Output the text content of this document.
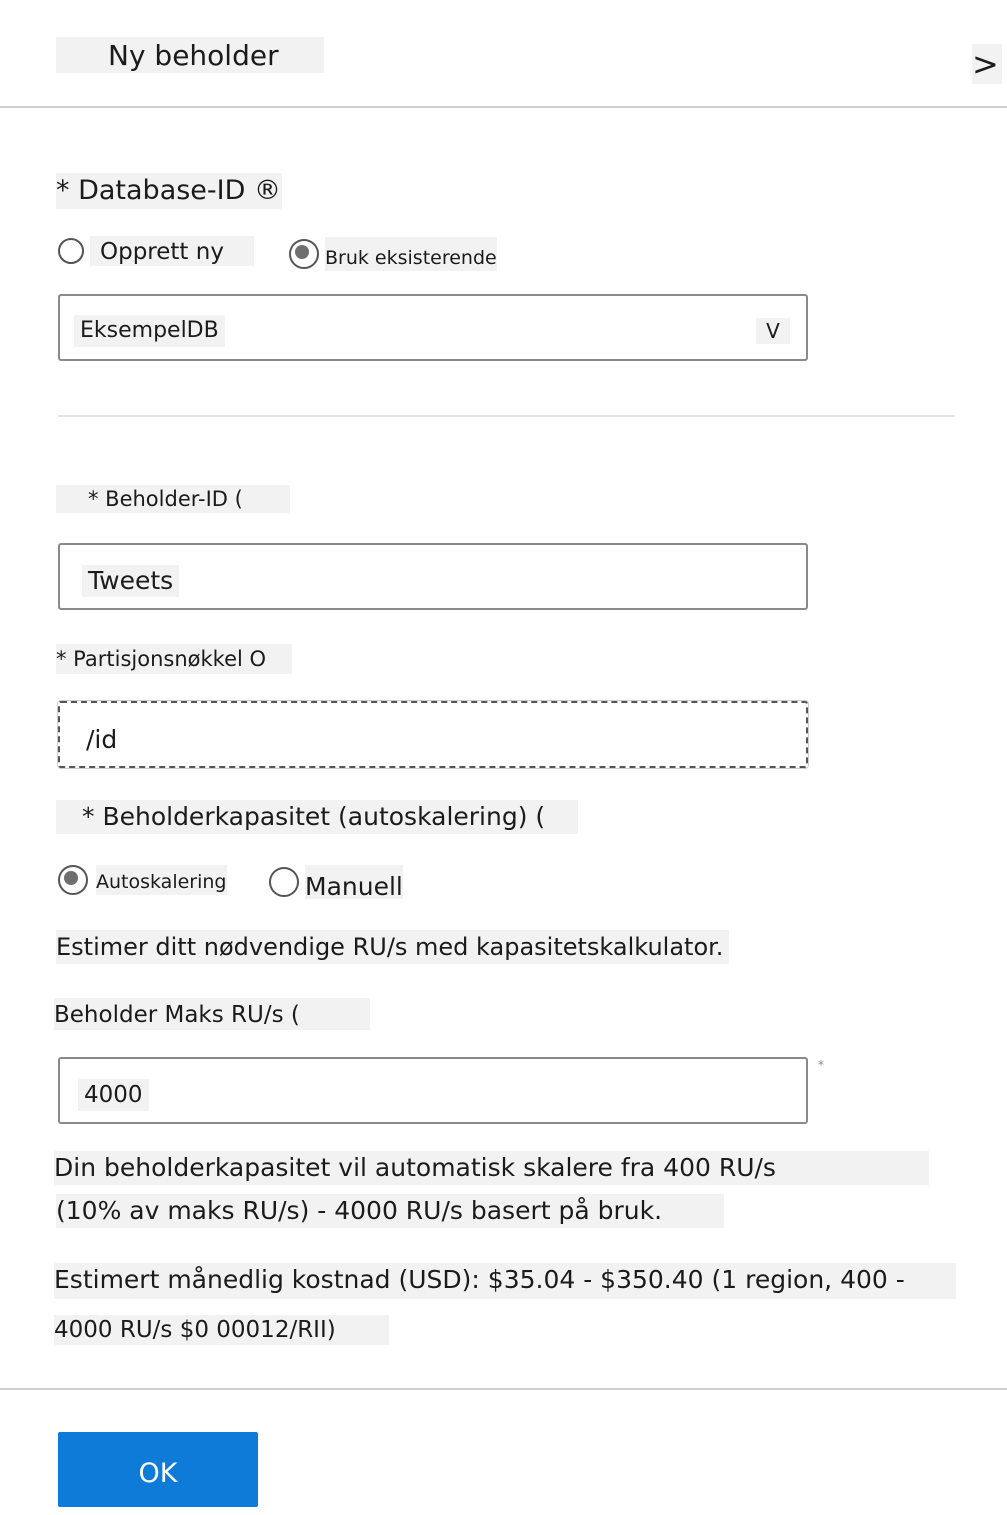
Ny beholder	>
* Database-ID ®
Opprett ny	Bruk eksisterende
EksempelDB	V
* Beholder-ID (
Tweets
* Partisjonsnøkkel O
/id
* Beholderkapasitet (autoskalering) (
Autoskalering	Manuell
Estimer ditt nødvendige RU/s med kapasitetskalkulator.
Beholder Maks RU/s (
4000
*
Din beholderkapasitet vil automatisk skalere fra 400 RU/s
(10% av maks RU/s) - 4000 RU/s basert på bruk.
Estimert månedlig kostnad (USD): $35.04 - $350.40 (1 region, 400 -
4000 RU/s $0 00012/RII)
OK
